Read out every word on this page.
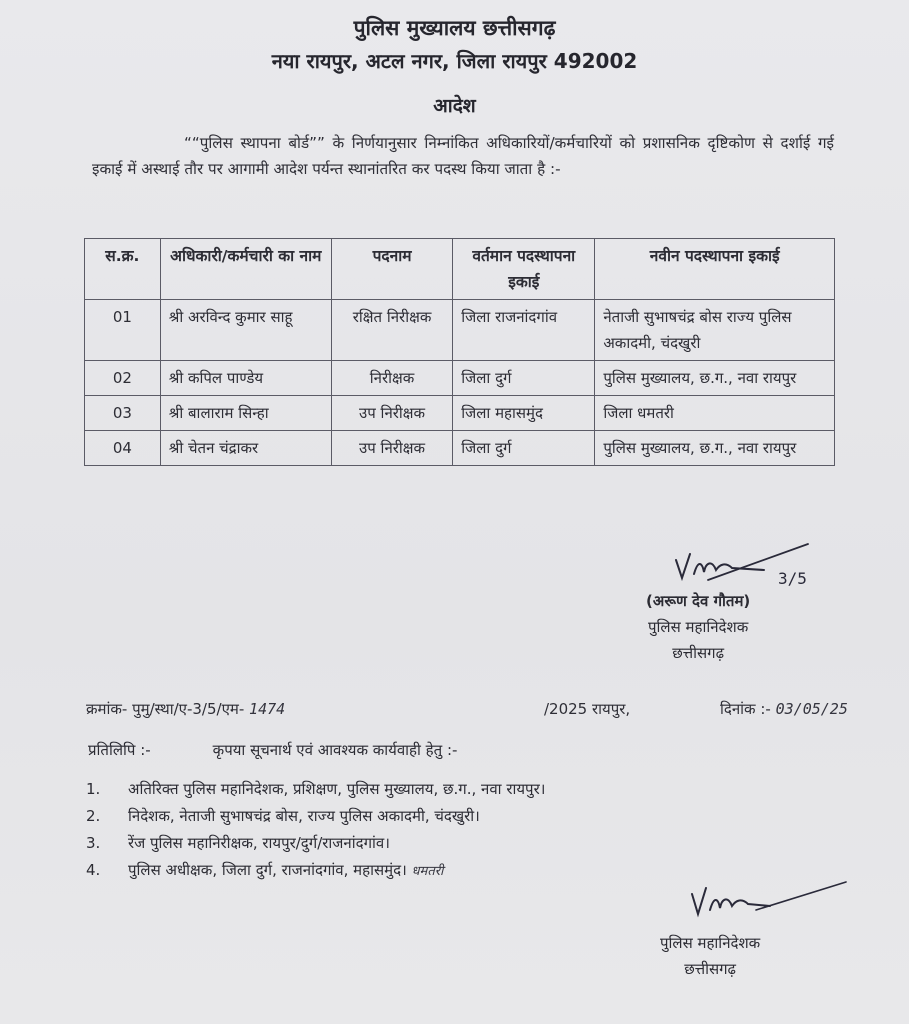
पुलिस मुख्यालय छत्तीसगढ़
नया रायपुर, अटल नगर, जिला रायपुर 492002
आदेश
““पुलिस स्थापना बोर्ड”” के निर्णयानुसार निम्नांकित अधिकारियों/कर्मचारियों को प्रशासनिक दृष्टिकोण से दर्शाई गई इकाई में अस्थाई तौर पर आगामी आदेश पर्यन्त स्थानांतरित कर पदस्थ किया जाता है :-
स.क्र.	अधिकारी/कर्मचारी का नाम	पदनाम	वर्तमान पदस्थापना इकाई	नवीन पदस्थापना इकाई
01	श्री अरविन्द कुमार साहू	रक्षित निरीक्षक	जिला राजनांदगांव	नेताजी सुभाषचंद्र बोस राज्य पुलिस अकादमी, चंदखुरी
02	श्री कपिल पाण्डेय	निरीक्षक	जिला दुर्ग	पुलिस मुख्यालय, छ.ग., नवा रायपुर
03	श्री बालाराम सिन्हा	उप निरीक्षक	जिला महासमुंद	जिला धमतरी
04	श्री चेतन चंद्राकर	उप निरीक्षक	जिला दुर्ग	पुलिस मुख्यालय, छ.ग., नवा रायपुर
3/5
(अरूण देव गौतम)
पुलिस महानिदेशक
छत्तीसगढ़
क्रमांक- पुमु/स्था/ए-3/5/एम- 1474	/2025 रायपुर,	दिनांक :- 03/05/25
प्रतिलिपि :-	कृपया सूचनार्थ एवं आवश्यक कार्यवाही हेतु :-
1. अतिरिक्त पुलिस महानिदेशक, प्रशिक्षण, पुलिस मुख्यालय, छ.ग., नवा रायपुर।
2. निदेशक, नेताजी सुभाषचंद्र बोस, राज्य पुलिस अकादमी, चंदखुरी।
3. रेंज पुलिस महानिरीक्षक, रायपुर/दुर्ग/राजनांदगांव।
4. पुलिस अधीक्षक, जिला दुर्ग, राजनांदगांव, महासमुंद। धमतरी
पुलिस महानिदेशक
छत्तीसगढ़
